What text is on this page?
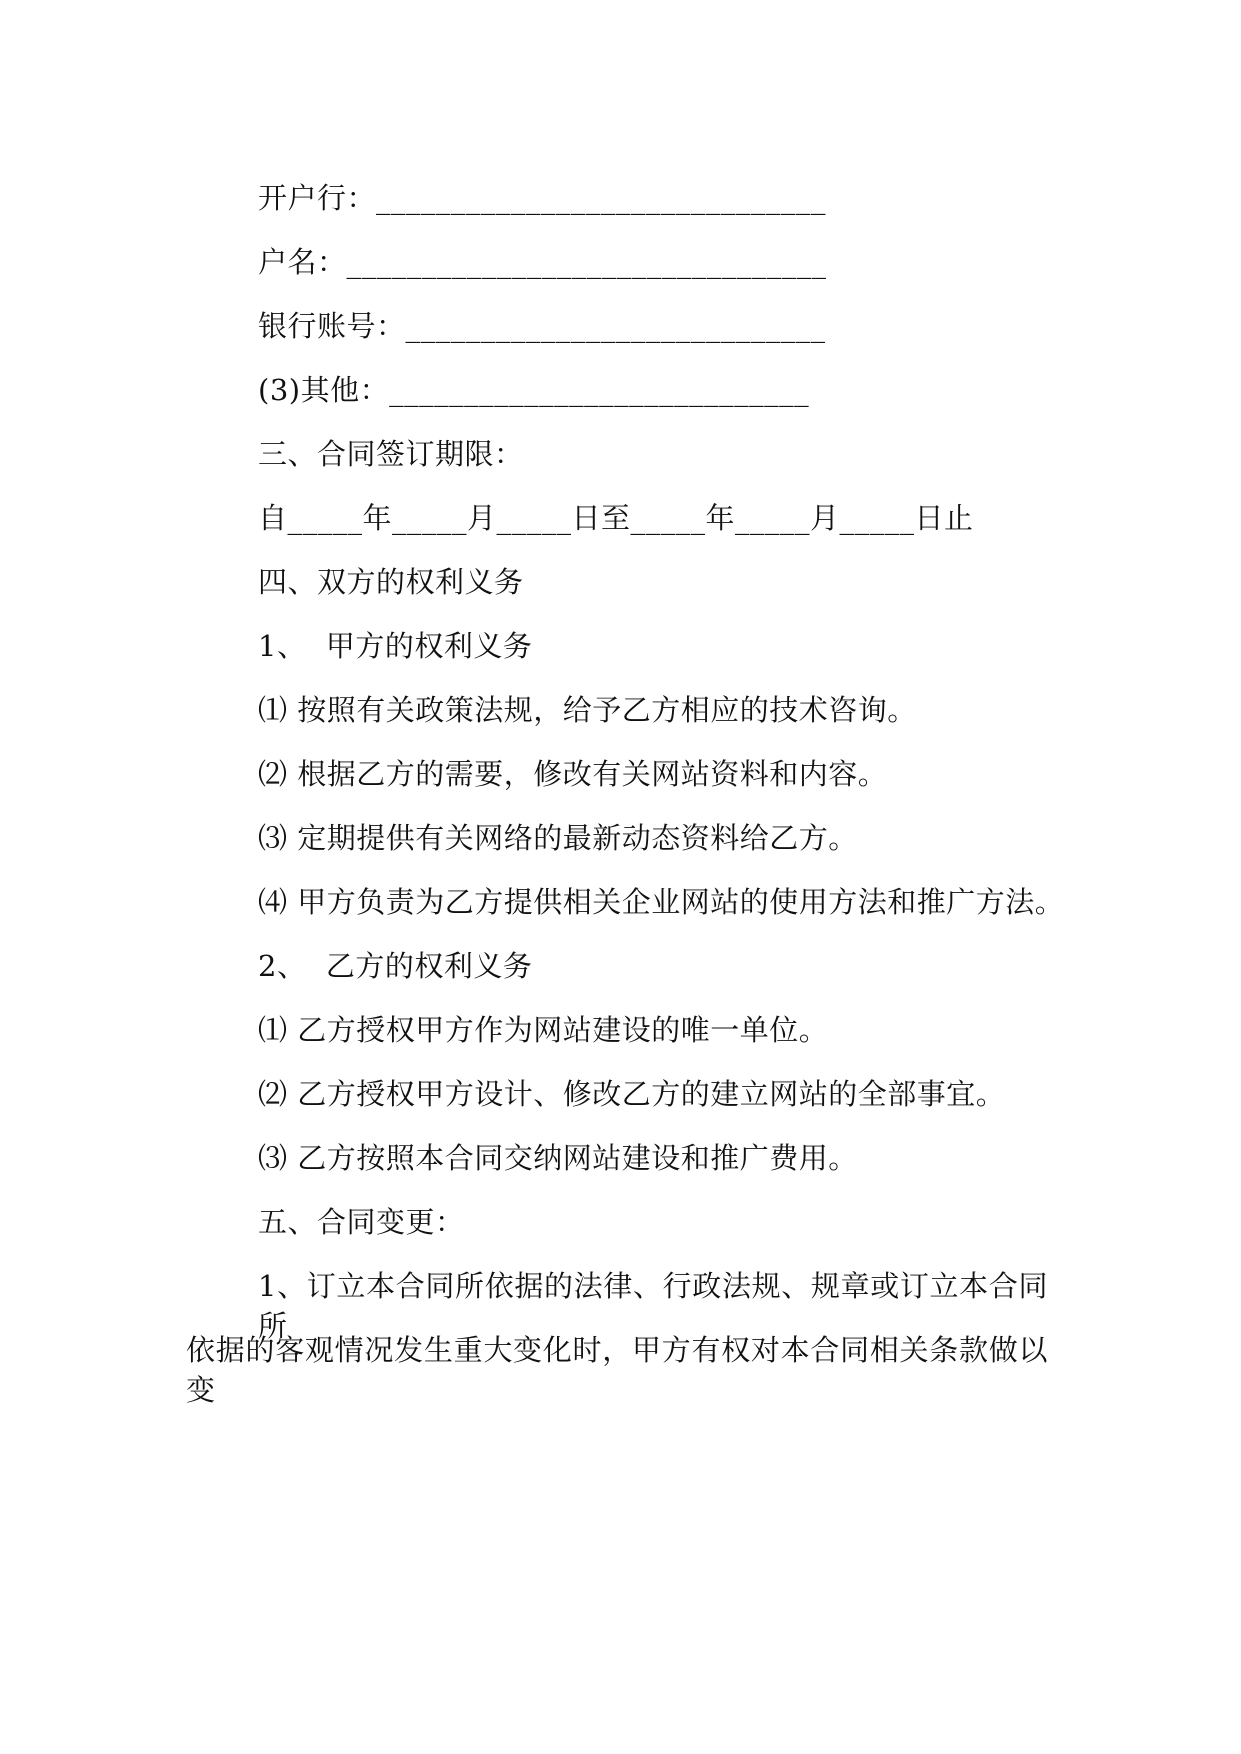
开户行：______________________________
户名：________________________________
银行账号：____________________________
(3)其他：____________________________
三、合同签订期限：
自_____年_____月_____日至_____年_____月_____日止
四、双方的权利义务
1、  甲方的权利义务
⑴ 按照有关政策法规，给予乙方相应的技术咨询。
⑵ 根据乙方的需要，修改有关网站资料和内容。
⑶ 定期提供有关网络的最新动态资料给乙方。
⑷ 甲方负责为乙方提供相关企业网站的使用方法和推广方法。
2、  乙方的权利义务
⑴ 乙方授权甲方作为网站建设的唯一单位。
⑵ 乙方授权甲方设计、修改乙方的建立网站的全部事宜。
⑶ 乙方按照本合同交纳网站建设和推广费用。
五、合同变更：
1、订立本合同所依据的法律、行政法规、规章或订立本合同所
依据的客观情况发生重大变化时，甲方有权对本合同相关条款做以变
